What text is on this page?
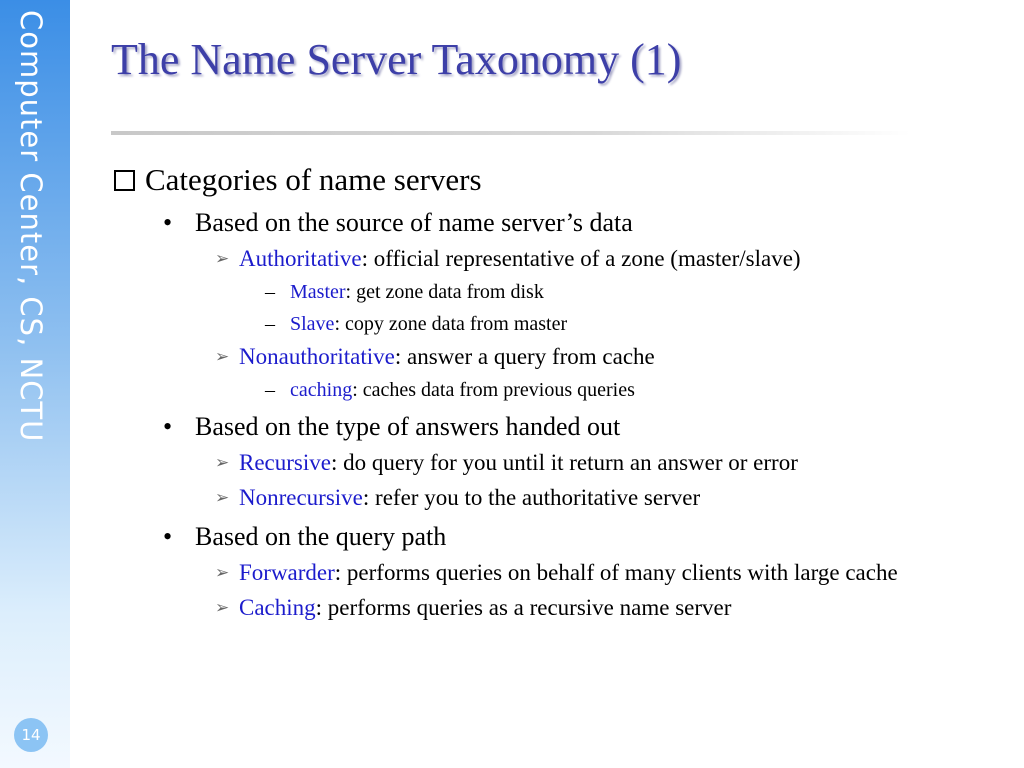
Computer Center, CS, NCTU
14
The Name Server Taxonomy (1)
Categories of name servers
• Based on the source of name server’s data
➢ Authoritative: official representative of a zone (master/slave)
– Master: get zone data from disk
– Slave: copy zone data from master
➢ Nonauthoritative: answer a query from cache
– caching: caches data from previous queries
• Based on the type of answers handed out
➢ Recursive: do query for you until it return an answer or error
➢ Nonrecursive: refer you to the authoritative server
• Based on the query path
➢ Forwarder: performs queries on behalf of many clients with large cache
➢ Caching: performs queries as a recursive name server
